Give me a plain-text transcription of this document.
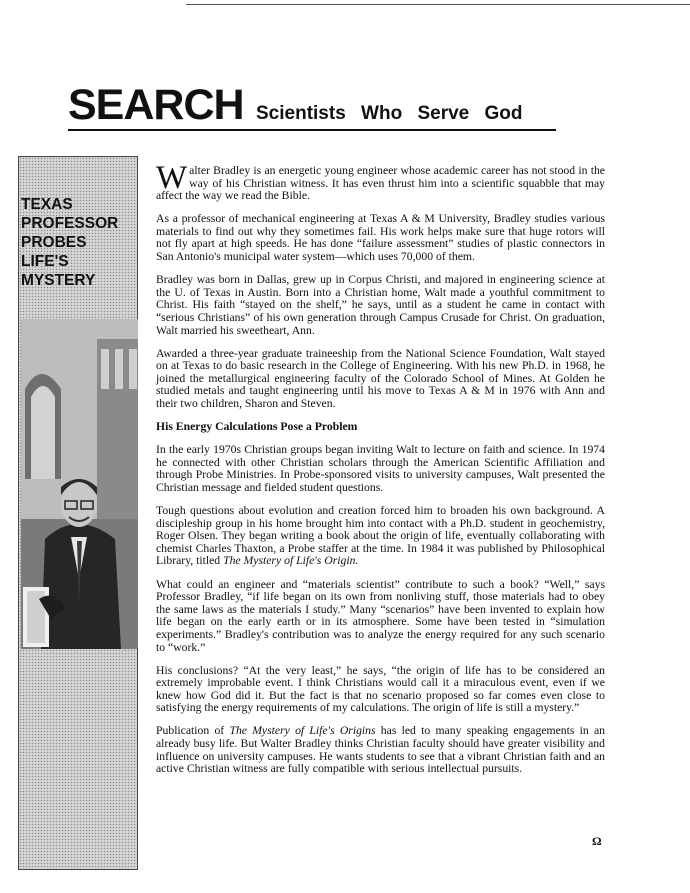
SEARCH Scientists Who Serve God
TEXAS
PROFESSOR
PROBES
LIFE'S
MYSTERY

Walter Bradley is an energetic young engineer whose academic career has not stood in the way of his Christian witness. It has even thrust him into a scientific squabble that may affect the way we read the Bible.

As a professor of mechanical engineering at Texas A & M University, Bradley studies various materials to find out why they sometimes fail. His work helps make sure that huge rotors will not fly apart at high speeds. He has done “failure assessment” studies of plastic connectors in San Antonio's municipal water system—which uses 70,000 of them.

Bradley was born in Dallas, grew up in Corpus Christi, and majored in engineering science at the U. of Texas in Austin. Born into a Christian home, Walt made a youthful commitment to Christ. His faith “stayed on the shelf,” he says, until as a student he came in contact with “serious Christians” of his own generation through Campus Crusade for Christ. On graduation, Walt married his sweetheart, Ann.

Awarded a three-year graduate traineeship from the National Science Foundation, Walt stayed on at Texas to do basic research in the College of Engineering. With his new Ph.D. in 1968, he joined the metallurgical engineering faculty of the Colorado School of Mines. At Golden he studied metals and taught engineering until his move to Texas A & M in 1976 with Ann and their two children, Sharon and Steven.

His Energy Calculations Pose a Problem

In the early 1970s Christian groups began inviting Walt to lecture on faith and science. In 1974 he connected with other Christian scholars through the American Scientific Affiliation and through Probe Ministries. In Probe-sponsored visits to university campuses, Walt presented the Christian message and fielded student questions.

Tough questions about evolution and creation forced him to broaden his own background. A discipleship group in his home brought him into contact with a Ph.D. student in geochemistry, Roger Olsen. They began writing a book about the origin of life, eventually collaborating with chemist Charles Thaxton, a Probe staffer at the time. In 1984 it was published by Philosophical Library, titled The Mystery of Life's Origin.

What could an engineer and “materials scientist” contribute to such a book? “Well,” says Professor Bradley, “if life began on its own from nonliving stuff, those materials had to obey the same laws as the materials I study.” Many “scenarios” have been invented to explain how life began on the early earth or in its atmosphere. Some have been tested in “simulation experiments.” Bradley's contribution was to analyze the energy required for any such scenario to “work.”

His conclusions? “At the very least,” he says, “the origin of life has to be considered an extremely improbable event. I think Christians would call it a miraculous event, even if we knew how God did it. But the fact is that no scenario proposed so far comes even close to satisfying the energy requirements of my calculations. The origin of life is still a mystery.”

Publication of The Mystery of Life's Origins has led to many speaking engagements in an already busy life. But Walter Bradley thinks Christian faculty should have greater visibility and influence on university campuses. He wants students to see that a vibrant Christian faith and an active Christian witness are fully compatible with serious intellectual pursuits.

Ω
